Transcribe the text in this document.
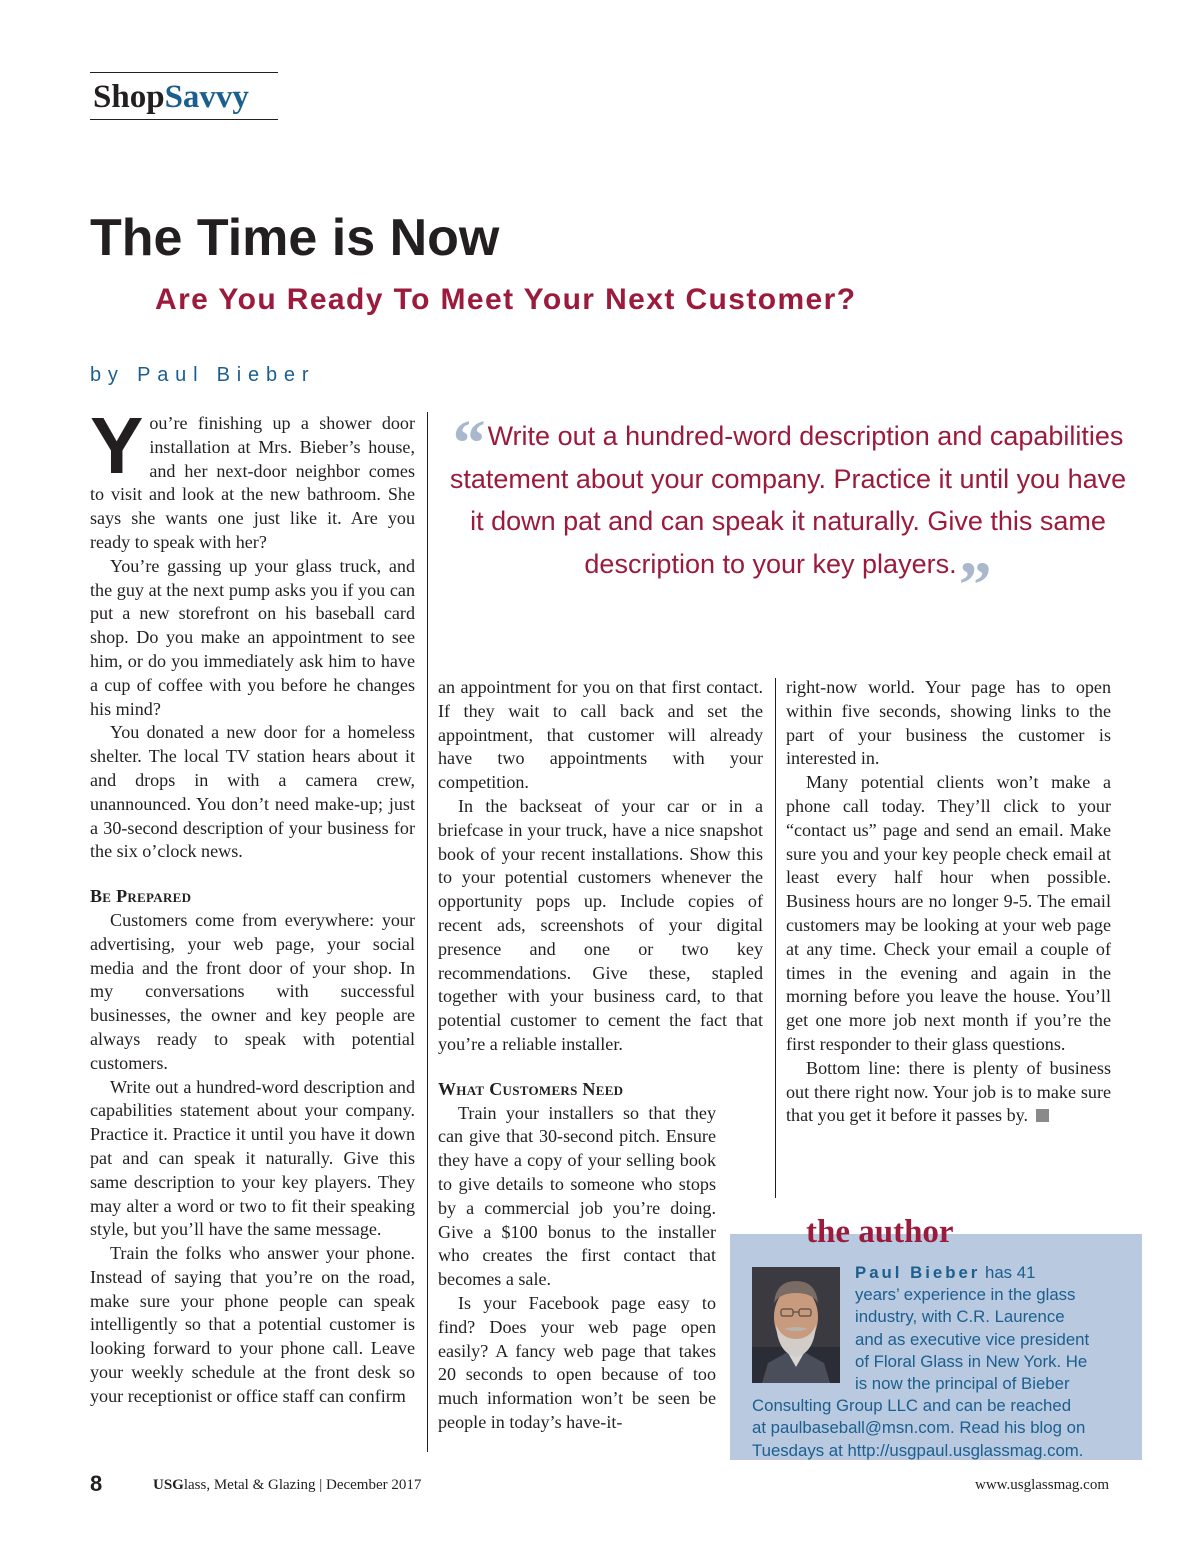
ShopSavvy
The Time is Now
Are You Ready To Meet Your Next Customer?
by Paul Bieber
“Write out a hundred-word description and capabilities statement about your company. Practice it until you have it down pat and can speak it naturally. Give this same description to your key players.”

You’re finishing up a shower door installation at Mrs. Bieber’s house, and her next-door neighbor comes to visit and look at the new bathroom. She says she wants one just like it. Are you ready to speak with her?

You’re gassing up your glass truck, and the guy at the next pump asks you if you can put a new storefront on his baseball card shop. Do you make an appointment to see him, or do you immediately ask him to have a cup of coffee with you before he changes his mind?

You donated a new door for a homeless shelter. The local TV station hears about it and drops in with a camera crew, unannounced. You don’t need make-up; just a 30-second description of your business for the six o’clock news.

Be Prepared

Customers come from everywhere: your advertising, your web page, your social media and the front door of your shop. In my conversations with successful businesses, the owner and key people are always ready to speak with potential customers.

Write out a hundred-word description and capabilities statement about your company. Practice it. Practice it until you have it down pat and can speak it naturally. Give this same description to your key players. They may alter a word or two to fit their speaking style, but you’ll have the same message.

Train the folks who answer your phone. Instead of saying that you’re on the road, make sure your phone people can speak intelligently so that a potential customer is looking forward to your phone call. Leave your weekly schedule at the front desk so your receptionist or office staff can confirm

an appointment for you on that first contact. If they wait to call back and set the appointment, that customer will already have two appointments with your competition.

In the backseat of your car or in a briefcase in your truck, have a nice snapshot book of your recent installations. Show this to your potential customers whenever the opportunity pops up. Include copies of recent ads, screenshots of your digital presence and one or two key recommendations. Give these, stapled together with your business card, to that potential customer to cement the fact that you’re a reliable installer.

What Customers Need

Train your installers so that they can give that 30-second pitch. Ensure they have a copy of your selling book to give details to someone who stops by a commercial job you’re doing. Give a $100 bonus to the installer who creates the first contact that becomes a sale.

Is your Facebook page easy to find? Does your web page open easily? A fancy web page that takes 20 seconds to open because of too much information won’t be seen be people in today’s have-it-

right-now world. Your page has to open within five seconds, showing links to the part of your business the customer is interested in.

Many potential clients won’t make a phone call today. They’ll click to your “contact us” page and send an email. Make sure you and your key people check email at least every half hour when possible. Business hours are no longer 9-5. The email customers may be looking at your web page at any time. Check your email a couple of times in the evening and again in the morning before you leave the house. You’ll get one more job next month if you’re the first responder to their glass questions.

Bottom line: there is plenty of business out there right now. Your job is to make sure that you get it before it passes by.

the author
Paul Bieber has 41
years’ experience in the glass
industry, with C.R. Laurence
and as executive vice president
of Floral Glass in New York. He
is now the principal of Bieber
Consulting Group LLC and can be reached
at paulbaseball@msn.com. Read his blog on
Tuesdays at http://usgpaul.usglassmag.com.
8	USGlass, Metal & Glazing | December 2017	www.usglassmag.com
